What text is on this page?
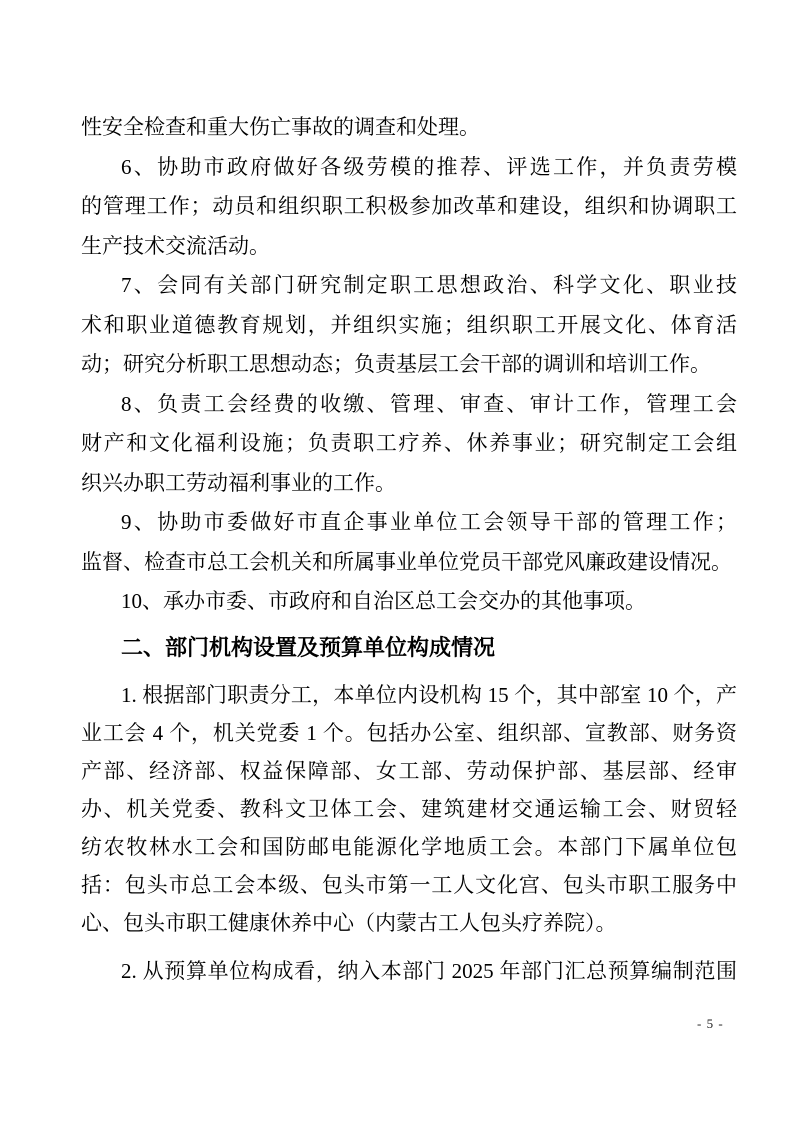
性安全检查和重大伤亡事故的调查和处理。
6、协助市政府做好各级劳模的推荐、评选工作，并负责劳模
的管理工作；动员和组织职工积极参加改革和建设，组织和协调职工
生产技术交流活动。
7、会同有关部门研究制定职工思想政治、科学文化、职业技
术和职业道德教育规划，并组织实施；组织职工开展文化、体育活
动；研究分析职工思想动态；负责基层工会干部的调训和培训工作。
8、负责工会经费的收缴、管理、审查、审计工作，管理工会
财产和文化福利设施；负责职工疗养、休养事业；研究制定工会组
织兴办职工劳动福利事业的工作。
9、协助市委做好市直企事业单位工会领导干部的管理工作；
监督、检查市总工会机关和所属事业单位党员干部党风廉政建设情况。
10、承办市委、市政府和自治区总工会交办的其他事项。
二、部门机构设置及预算单位构成情况
1. 根据部门职责分工，本单位内设机构 15 个，其中部室 10 个，产
业工会 4 个，机关党委 1 个。包括办公室、组织部、宣教部、财务资
产部、经济部、权益保障部、女工部、劳动保护部、基层部、经审
办、机关党委、教科文卫体工会、建筑建材交通运输工会、财贸轻
纺农牧林水工会和国防邮电能源化学地质工会。本部门下属单位包
括：包头市总工会本级、包头市第一工人文化宫、包头市职工服务中
心、包头市职工健康休养中心（内蒙古工人包头疗养院）。
2. 从预算单位构成看，纳入本部门 2025 年部门汇总预算编制范围
- 5 -
